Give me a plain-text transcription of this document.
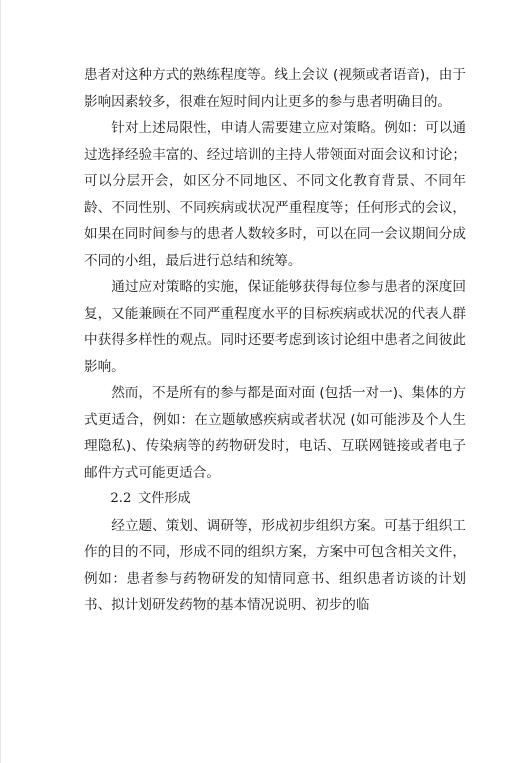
患者对这种方式的熟练程度等。线上会议 (视频或者语音)，由于影响因素较多，很难在短时间内让更多的参与患者明确目的。

针对上述局限性，申请人需要建立应对策略。例如：可以通过选择经验丰富的、经过培训的主持人带领面对面会议和讨论；可以分层开会，如区分不同地区、不同文化教育背景、不同年龄、不同性别、不同疾病或状况严重程度等；任何形式的会议，如果在同时间参与的患者人数较多时，可以在同一会议期间分成不同的小组，最后进行总结和统筹。

通过应对策略的实施，保证能够获得每位参与患者的深度回复，又能兼顾在不同严重程度水平的目标疾病或状况的代表人群中获得多样性的观点。同时还要考虑到该讨论组中患者之间彼此影响。

然而，不是所有的参与都是面对面 (包括一对一)、集体的方式更适合，例如：在立题敏感疾病或者状况 (如可能涉及个人生理隐私)、传染病等的药物研发时，电话、互联网链接或者电子邮件方式可能更适合。

2.2 文件形成

经立题、策划、调研等，形成初步组织方案。可基于组织工作的目的不同，形成不同的组织方案，方案中可包含相关文件，例如：患者参与药物研发的知情同意书、组织患者访谈的计划书、拟计划研发药物的基本情况说明、初步的临
